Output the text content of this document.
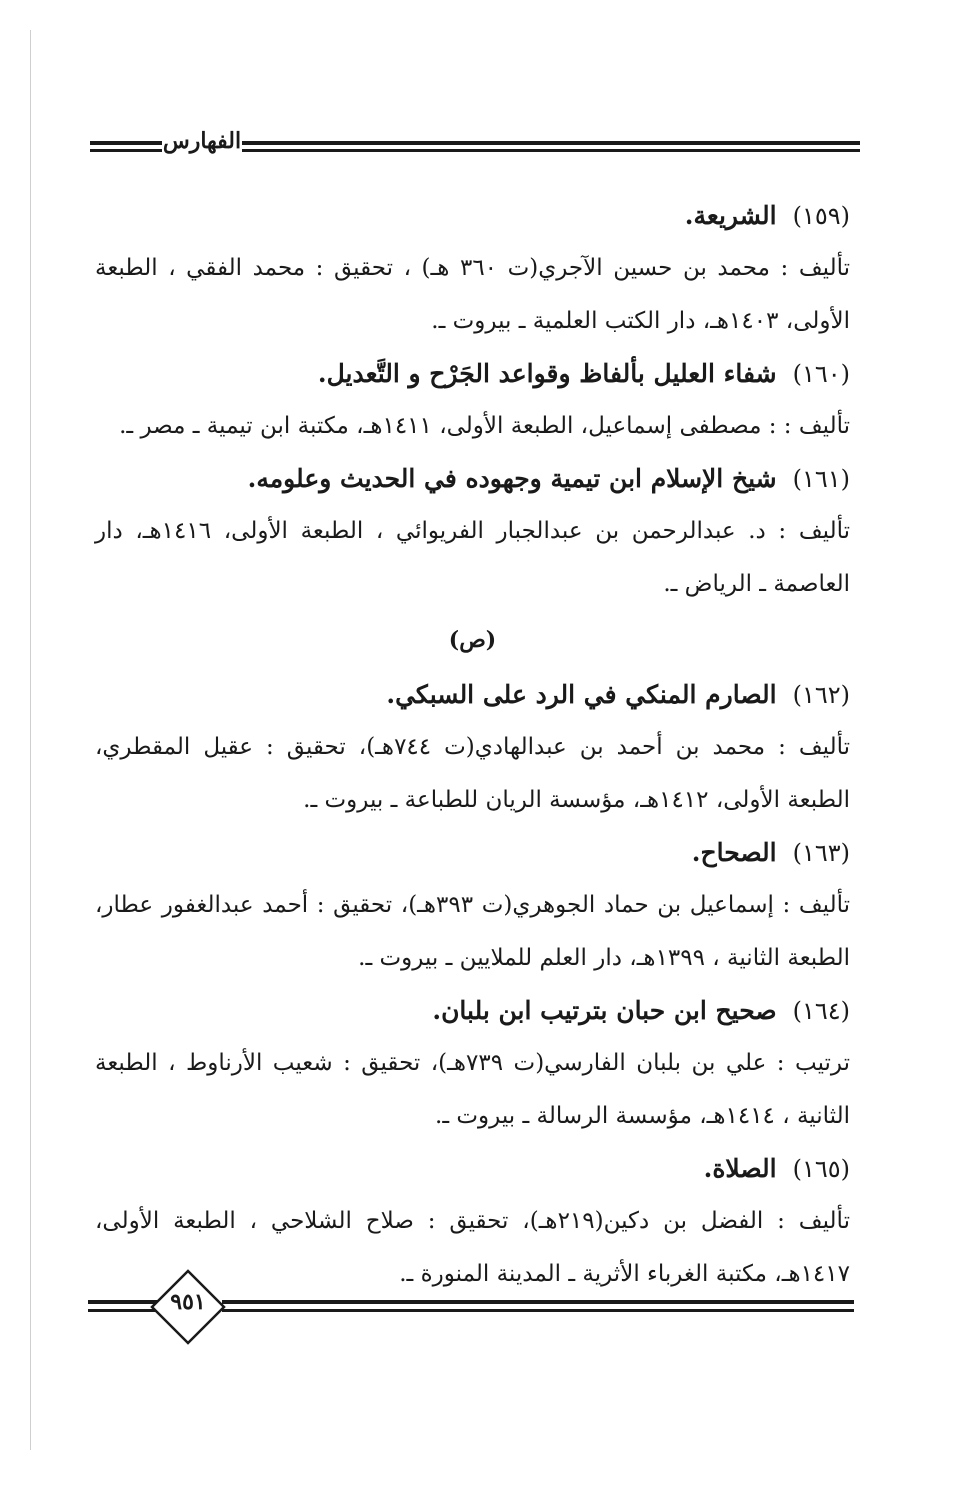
الفهارس
(١٥٩)
الشريعة.
تأليف : محمد بن حسين الآجري(ت ٣٦٠ هـ) ، تحقيق : محمد الفقي ، الطبعة الأولى، ١٤٠٣هـ، دار الكتب العلمية ـ بيروت ـ.
(١٦٠)
شفاء العليل بألفاظ وقواعد الجَرْح و التَّعديل.
تأليف : : مصطفى إسماعيل، الطبعة الأولى، ١٤١١هـ، مكتبة ابن تيمية ـ مصر ـ.
(١٦١)
شيخ الإسلام ابن تيمية وجهوده في الحديث وعلومه.
تأليف : د. عبدالرحمن بن عبدالجبار الفريوائي ، الطبعة الأولى، ١٤١٦هـ، دار العاصمة ـ الرياض ـ.
(ص)
(١٦٢)
الصارم المنكي في الرد على السبكي.
تأليف : محمد بن أحمد بن عبدالهادي(ت ٧٤٤هـ)، تحقيق : عقيل المقطري، الطبعة الأولى، ١٤١٢هـ، مؤسسة الريان للطباعة ـ بيروت ـ.
(١٦٣)
الصحاح.
تأليف : إسماعيل بن حماد الجوهري(ت ٣٩٣هـ)، تحقيق : أحمد عبدالغفور عطار، الطبعة الثانية ، ١٣٩٩هـ، دار العلم للملايين ـ بيروت ـ.
(١٦٤)
صحيح ابن حبان بترتيب ابن بلبان.
ترتيب : علي بن بلبان الفارسي(ت ٧٣٩هـ)، تحقيق : شعيب الأرناوط ، الطبعة الثانية ، ١٤١٤هـ، مؤسسة الرسالة ـ بيروت ـ.
(١٦٥)
الصلاة.
تأليف : الفضل بن دكين(٢١٩هـ)، تحقيق : صلاح الشلاحي ، الطبعة الأولى، ١٤١٧هـ، مكتبة الغرباء الأثرية ـ المدينة المنورة ـ.
٩٥١
